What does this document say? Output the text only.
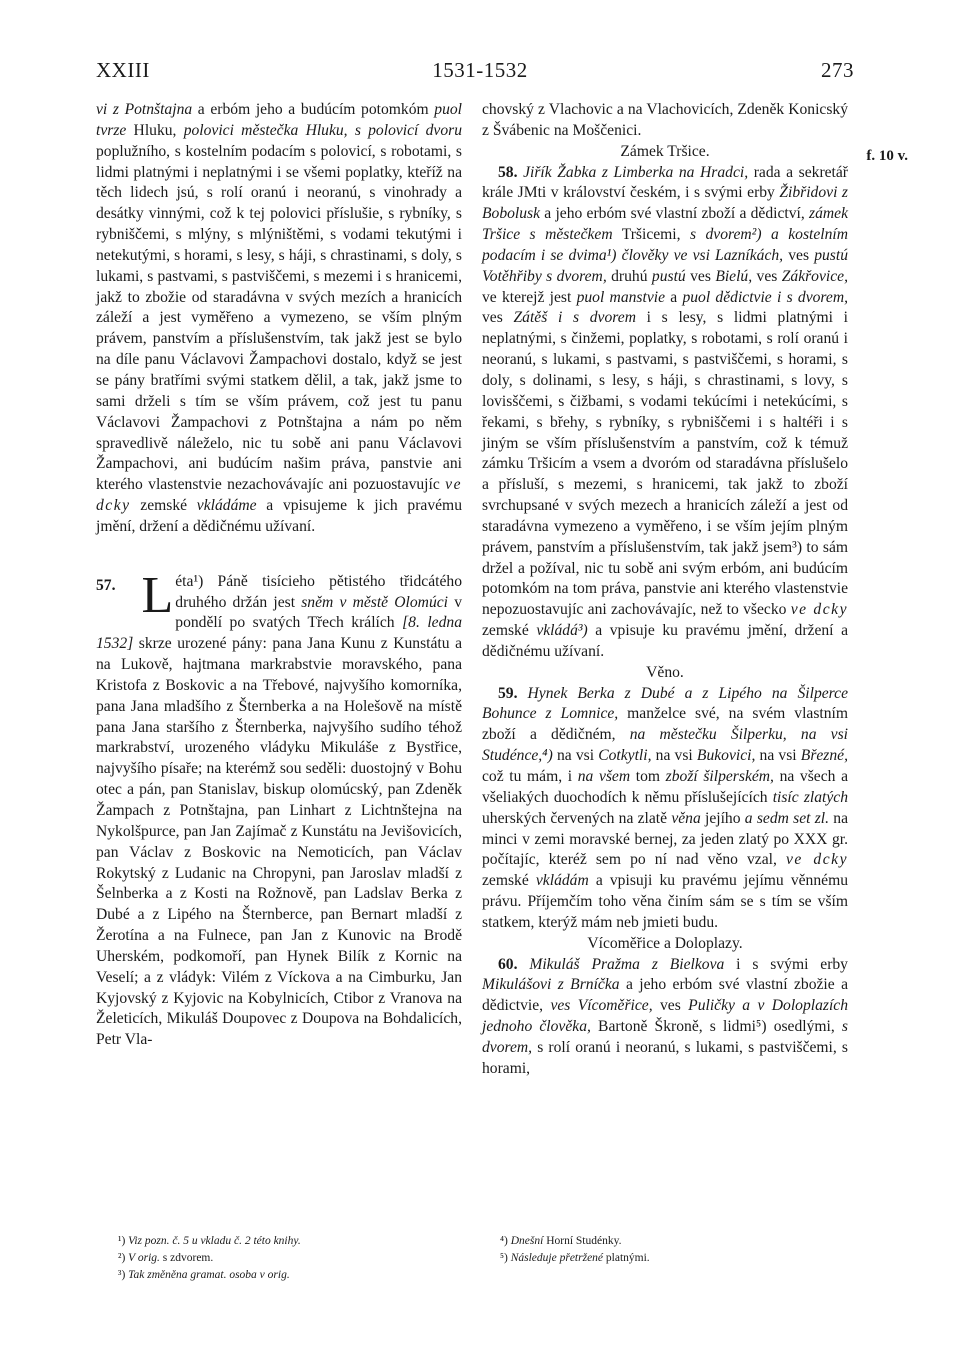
XXIII	1531-1532	273
f. 10 v.

vi z Potnštajna a erbóm jeho a budúcím potomkóm puol tvrze Hluku, polovici městečka Hluku, s polovicí dvoru poplužního, s kostelním podacím s polovicí, s robotami, s lidmi platnými i neplatnými i se všemi poplatky, kteříž na těch lidech jsú, s rolí oranú i neoranú, s vinohrady a desátky vinnými, což k tej polovici příslušie, s rybníky, s rybniščemi, s mlýny, s mlýništěmi, s vodami tekutými i netekutými, s horami, s lesy, s háji, s chrastinami, s doly, s lukami, s pastvami, s pastviščemi, s mezemi i s hranicemi, jakž to zbožie od staradávna v svých mezích a hranicích záleží a jest vyměřeno a vymezeno, se vším plným právem, panstvím a příslušenstvím, tak jakž jest se bylo na díle panu Václavovi Žampachovi dostalo, když se jest se pány bratřími svými statkem dělil, a tak, jakž jsme to sami drželi s tím se vším právem, což jest tu panu Václavovi Žampachovi z Potnštajna a nám po něm spravedlivě náleželo, nic tu sobě ani panu Václavovi Žampachovi, ani budúcím našim práva, panstvie ani kterého vlastenstvie nezachovávajíc ani pozuostavujíc ve dcky zemské vkládáme a vpisujeme k jich pravému jmění, držení a dědičnému užívaní.

57. L éta¹) Páně tisícieho pětistého třidcátého druhého držán jest sněm v městě Olomúci v pondělí po svatých Třech králích [8. ledna 1532] skrze urozené pány: pana Jana Kunu z Kunstátu a na Lukově, hajtmana markrabstvie moravského, pana Kristofa z Boskovic a na Třebové, najvyšího komorníka, pana Jana mladšího z Šternberka a na Holešově na místě pana Jana staršího z Šternberka, najvyšího sudího téhož markrabství, urozeného vládyku Mikuláše z Bystřice, najvyšího písaře; na kterémž sou seděli: duostojný v Bohu otec a pán, pan Stanislav, biskup olomúcský, pan Zdeněk Žampach z Potnštajna, pan Linhart z Lichtnštejna na Nykolšpurce, pan Jan Zajímač z Kunstátu na Jevišovicích, pan Václav z Boskovic na Nemoticích, pan Václav Rokytský z Ludanic na Chropyni, pan Jaroslav mladší z Šelnberka a z Kosti na Rožnově, pan Ladslav Berka z Dubé a z Lipého na Šternberce, pan Bernart mladší z Žerotína a na Fulnece, pan Jan z Kunovic na Brodě Uherském, podkomoří, pan Hynek Bilík z Kornic na Veselí; a z vládyk: Vilém z Víckova a na Cimburku, Jan Kyjovský z Kyjovic na Kobylnicích, Ctibor z Vranova na Želeticích, Mikuláš Doupovec z Doupova na Bohdalicích, Petr Vla-

chovský z Vlachovic a na Vlachovicích, Zdeněk Konicský z Švábenic na Moščenici.

Zámek Tršice.

58. Jiřík Žabka z Limberka na Hradci, rada a sekretář krále JMti v království českém, i s svými erby Žibřidovi z Bobolusk a jeho erbóm své vlastní zboží a dědictví, zámek Tršice s městečkem Tršicemi, s dvorem²) a kostelním podacím i se dvima¹) člověky ve vsi Lazníkách, ves pustú Votěhřiby s dvorem, druhú pustú ves Bielú, ves Zákřovice, ve kterejž jest puol manstvie a puol dědictvie i s dvorem, ves Zátěš i s dvorem i s lesy, s lidmi platnými i neplatnými, s činžemi, poplatky, s robotami, s rolí oranú i neoranú, s lukami, s pastvami, s pastviščemi, s horami, s doly, s dolinami, s lesy, s háji, s chrastinami, s lovy, s lovisščemi, s čižbami, s vodami tekúcími i netekúcími, s řekami, s břehy, s rybníky, s rybniščemi i s haltéři i s jiným se vším příslušenstvím a panstvím, což k témuž zámku Tršicím a vsem a dvoróm od staradávna příslušelo a přísluší, s mezemi, s hranicemi, tak jakž to zboží svrchupsané v svých mezech a hranicích záleží a jest od staradávna vymezeno a vyměřeno, i se vším jejím plným právem, panstvím a příslušenstvím, tak jakž jsem³) to sám držel a požíval, nic tu sobě ani svým erbóm, ani budúcím potomkóm na tom práva, panstvie ani kterého vlastenstvie nepozuostavujíc ani zachovávajíc, než to všecko ve dcky zemské vkládá³) a vpisuje ku pravému jmění, držení a dědičnému užívaní.

Věno.

59. Hynek Berka z Dubé a z Lipého na Šilperce Bohunce z Lomnice, manželce své, na svém vlastním zboží a dědičném, na městečku Šilperku, na vsi Studénce,⁴) na vsi Cotkytli, na vsi Bukovici, na vsi Březné, což tu mám, i na všem tom zboží šilperském, na všech a všeliakých duochodích k němu příslušejících tisíc zlatých uherských červených na zlatě věna jejího a sedm set zl. na minci v zemi moravské bernej, za jeden zlatý po XXX gr. počítajíc, kteréž sem po ní nad věno vzal, ve dcky zemské vkládám a vpisuji ku pravému jejímu věnnému právu. Příjemčím toho věna činím sám se s tím se vším statkem, kterýž mám neb jmieti budu.

Vícoměřice a Doloplazy.

60. Mikuláš Pražma z Bielkova i s svými erby Mikulášovi z Brníčka a jeho erbóm své vlastní zbožie a dědictvie, ves Vícoměřice, ves Puličky a v Doloplazích jednoho člověka, Bartoně Škroně, s lidmi⁵) osedlými, s dvorem, s rolí oranú i neoranú, s lukami, s pastviščemi, s horami,

¹) Viz pozn. č. 5 u vkladu č. 2 této knihy.
²) V orig. s zdvorem.
³) Tak změněna gramat. osoba v orig.
⁴) Dnešní Horní Studénky.
⁵) Následuje přetržené platnými.
